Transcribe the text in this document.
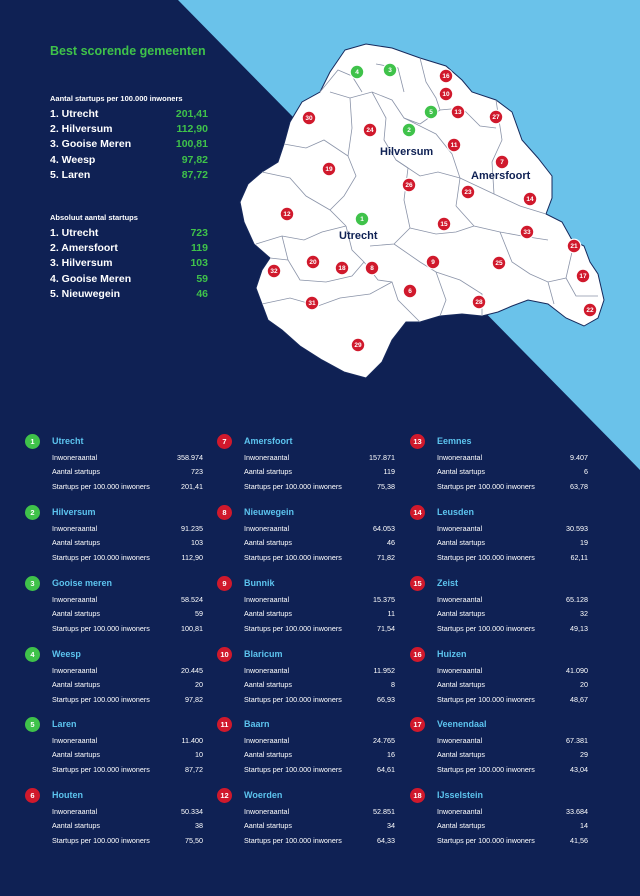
Best scorende gemeenten
Aantal startups per 100.000 inwoners
1. Utrecht	201,41
2. Hilversum	112,90
3. Gooise Meren	100,81
4. Weesp	97,82
5. Laren	87,72
Absoluut aantal startups
1. Utrecht	723
2. Amersfoort	119
3. Hilversum	103
4. Gooise Meren	59
5. Nieuwegein	46
Hilversum
Amersfoort
Utrecht
1
2
3
4
5
6
7
8
9
10
11
12
13
14
15
16
17
18
19
20
21
22
23
24
25
26
27
28
29
30
31
32
33
1	Utrecht
Inwoneraantal	358.974
Aantal startups	723
Startups per 100.000 inwoners	201,41
2	Hilversum
Inwoneraantal	91.235
Aantal startups	103
Startups per 100.000 inwoners	112,90
3	Gooise meren
Inwoneraantal	58.524
Aantal startups	59
Startups per 100.000 inwoners	100,81
4	Weesp
Inwoneraantal	20.445
Aantal startups	20
Startups per 100.000 inwoners	97,82
5	Laren
Inwoneraantal	11.400
Aantal startups	10
Startups per 100.000 inwoners	87,72
6	Houten
Inwoneraantal	50.334
Aantal startups	38
Startups per 100.000 inwoners	75,50
7	Amersfoort
Inwoneraantal	157.871
Aantal startups	119
Startups per 100.000 inwoners	75,38
8	Nieuwegein
Inwoneraantal	64.053
Aantal startups	46
Startups per 100.000 inwoners	71,82
9	Bunnik
Inwoneraantal	15.375
Aantal startups	11
Startups per 100.000 inwoners	71,54
10	Blaricum
Inwoneraantal	11.952
Aantal startups	8
Startups per 100.000 inwoners	66,93
11	Baarn
Inwoneraantal	24.765
Aantal startups	16
Startups per 100.000 inwoners	64,61
12	Woerden
Inwoneraantal	52.851
Aantal startups	34
Startups per 100.000 inwoners	64,33
13	Eemnes
Inwoneraantal	9.407
Aantal startups	6
Startups per 100.000 inwoners	63,78
14	Leusden
Inwoneraantal	30.593
Aantal startups	19
Startups per 100.000 inwoners	62,11
15	Zeist
Inwoneraantal	65.128
Aantal startups	32
Startups per 100.000 inwoners	49,13
16	Huizen
Inwoneraantal	41.090
Aantal startups	20
Startups per 100.000 inwoners	48,67
17	Veenendaal
Inwoneraantal	67.381
Aantal startups	29
Startups per 100.000 inwoners	43,04
18	IJsselstein
Inwoneraantal	33.684
Aantal startups	14
Startups per 100.000 inwoners	41,56
